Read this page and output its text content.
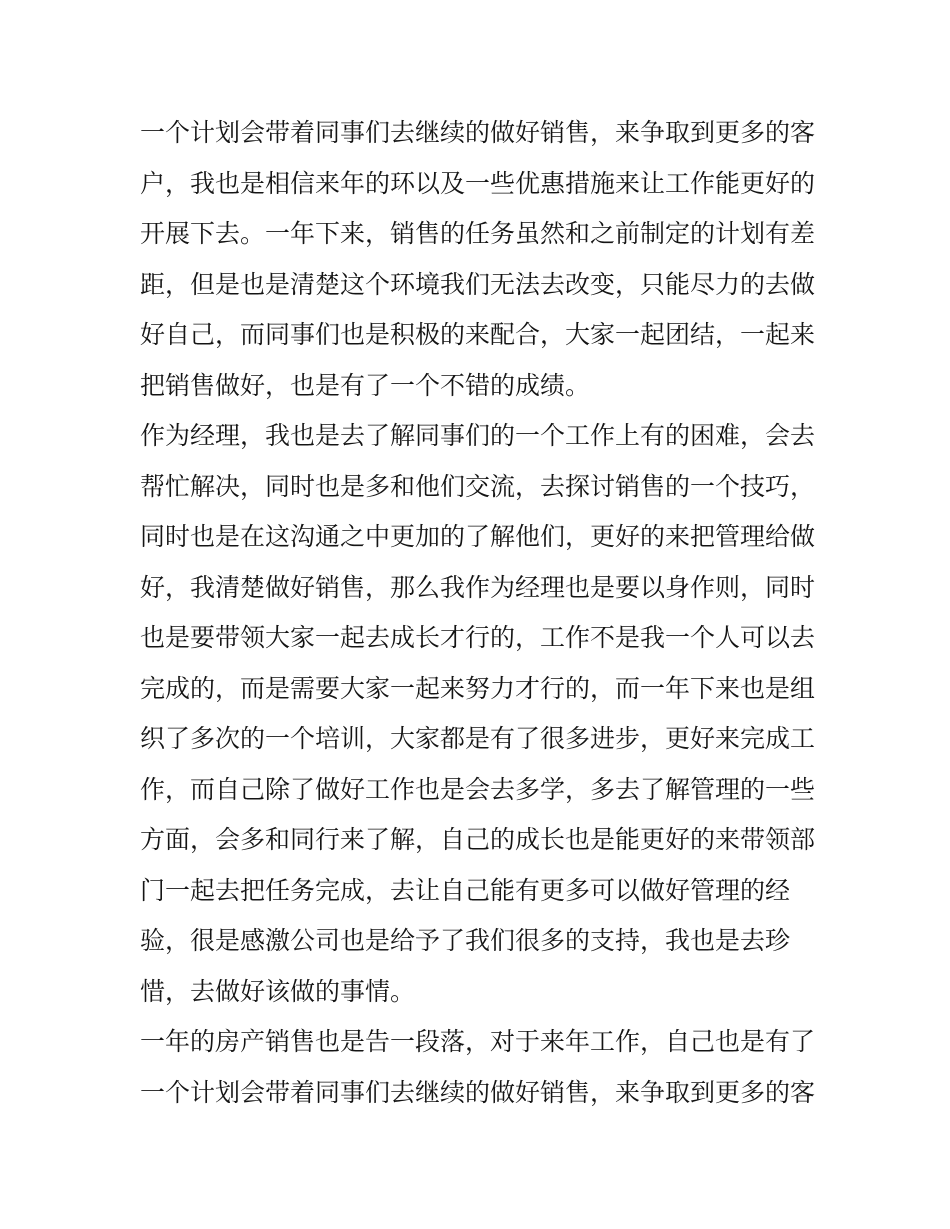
一个计划会带着同事们去继续的做好销售，来争取到更多的客
户，我也是相信来年的环以及一些优惠措施来让工作能更好的
开展下去。一年下来，销售的任务虽然和之前制定的计划有差
距，但是也是清楚这个环境我们无法去改变，只能尽力的去做
好自己，而同事们也是积极的来配合，大家一起团结，一起来
把销售做好，也是有了一个不错的成绩。
作为经理，我也是去了解同事们的一个工作上有的困难，会去
帮忙解决，同时也是多和他们交流，去探讨销售的一个技巧，
同时也是在这沟通之中更加的了解他们，更好的来把管理给做
好，我清楚做好销售，那么我作为经理也是要以身作则，同时
也是要带领大家一起去成长才行的，工作不是我一个人可以去
完成的，而是需要大家一起来努力才行的，而一年下来也是组
织了多次的一个培训，大家都是有了很多进步，更好来完成工
作，而自己除了做好工作也是会去多学，多去了解管理的一些
方面，会多和同行来了解，自己的成长也是能更好的来带领部
门一起去把任务完成，去让自己能有更多可以做好管理的经
验，很是感激公司也是给予了我们很多的支持，我也是去珍
惜，去做好该做的事情。
一年的房产销售也是告一段落，对于来年工作，自己也是有了
一个计划会带着同事们去继续的做好销售，来争取到更多的客
